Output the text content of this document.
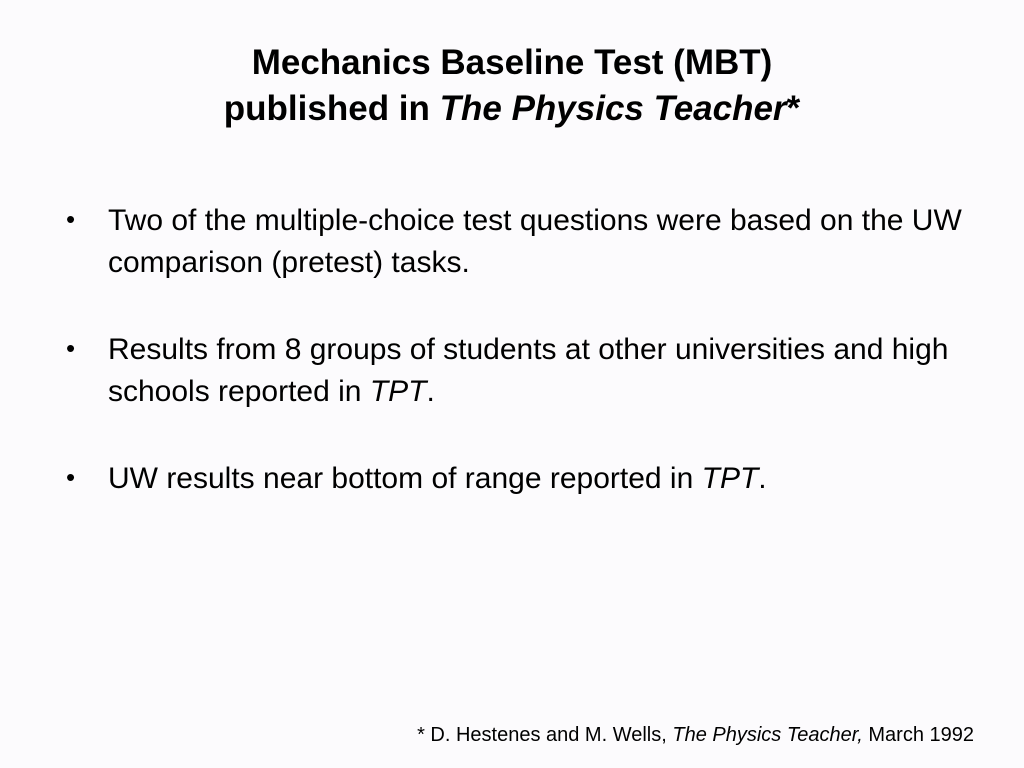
Mechanics Baseline Test (MBT)
published in The Physics Teacher*
• Two of the multiple-choice test questions were based on the UW comparison (pretest) tasks.
• Results from 8 groups of students at other universities and high schools reported in TPT.
• UW results near bottom of range reported in TPT.
* D. Hestenes and M. Wells, The Physics Teacher, March 1992
